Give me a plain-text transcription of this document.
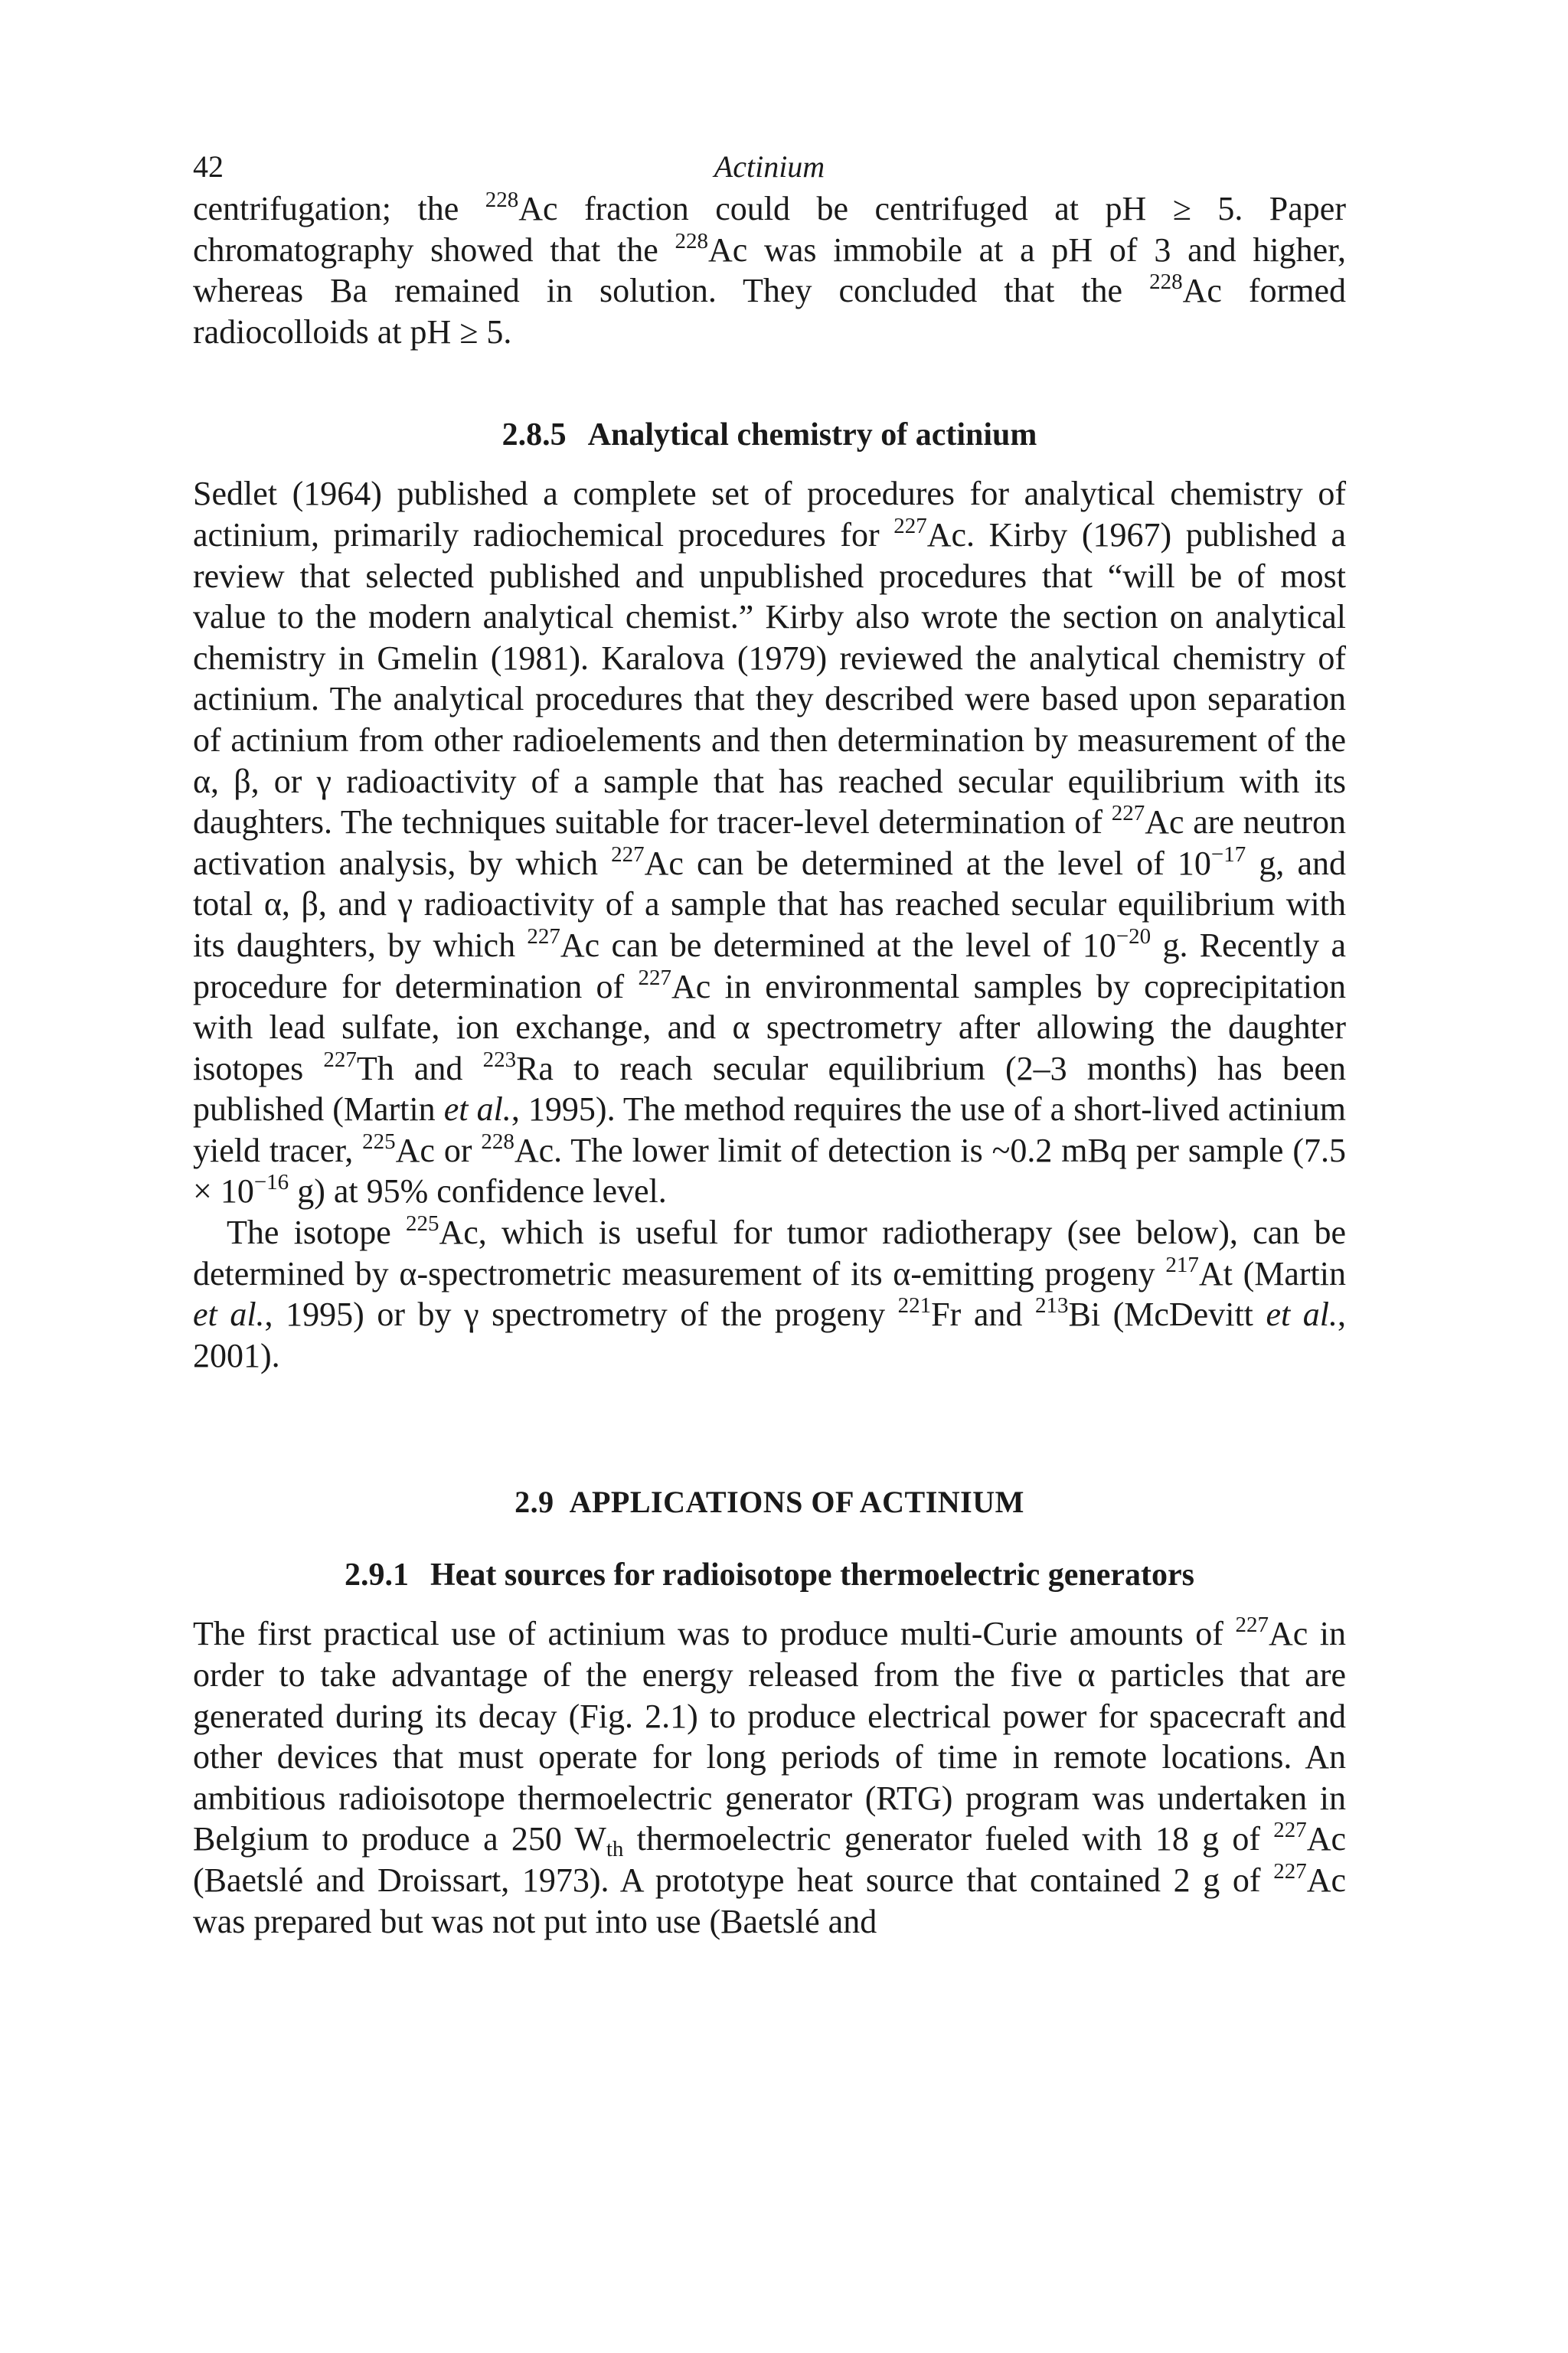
42	Actinium

centrifugation; the $^{228}$Ac fraction could be centrifuged at pH ≥ 5. Paper chromatography showed that the $^{228}$Ac was immobile at a pH of 3 and higher, whereas Ba remained in solution. They concluded that the $^{228}$Ac formed radiocolloids at pH ≥ 5.

2.8.5 Analytical chemistry of actinium

Sedlet (1964) published a complete set of procedures for analytical chemistry of actinium, primarily radiochemical procedures for $^{227}$Ac. Kirby (1967) published a review that selected published and unpublished procedures that “will be of most value to the modern analytical chemist.” Kirby also wrote the section on analytical chemistry in Gmelin (1981). Karalova (1979) reviewed the analytical chemistry of actinium. The analytical procedures that they described were based upon separation of actinium from other radioelements and then determination by measurement of the α, β, or γ radioactivity of a sample that has reached secular equilibrium with its daughters. The techniques suitable for tracer-level determination of $^{227}$Ac are neutron activation analysis, by which $^{227}$Ac can be determined at the level of $10^{-17}$ g, and total α, β, and γ radioactivity of a sample that has reached secular equilibrium with its daughters, by which $^{227}$Ac can be determined at the level of $10^{-20}$ g. Recently a procedure for determination of $^{227}$Ac in environmental samples by coprecipitation with lead sulfate, ion exchange, and α spectrometry after allowing the daughter isotopes $^{227}$Th and $^{223}$Ra to reach secular equilibrium (2–3 months) has been published (Martin et al., 1995). The method requires the use of a short-lived actinium yield tracer, $^{225}$Ac or $^{228}$Ac. The lower limit of detection is ~0.2 mBq per sample ($7.5 \times 10^{-16}$ g) at 95% confidence level.

The isotope $^{225}$Ac, which is useful for tumor radiotherapy (see below), can be determined by α-spectrometric measurement of its α-emitting progeny $^{217}$At (Martin et al., 1995) or by γ spectrometry of the progeny $^{221}$Fr and $^{213}$Bi (McDevitt et al., 2001).

2.9 APPLICATIONS OF ACTINIUM
2.9.1 Heat sources for radioisotope thermoelectric generators

The first practical use of actinium was to produce multi-Curie amounts of $^{227}$Ac in order to take advantage of the energy released from the five α particles that are generated during its decay (Fig. 2.1) to produce electrical power for spacecraft and other devices that must operate for long periods of time in remote locations. An ambitious radioisotope thermoelectric generator (RTG) program was undertaken in Belgium to produce a 250 $W_{th}$ thermoelectric generator fueled with 18 g of $^{227}$Ac (Baetslé and Droissart, 1973). A prototype heat source that contained 2 g of $^{227}$Ac was prepared but was not put into use (Baetslé and
